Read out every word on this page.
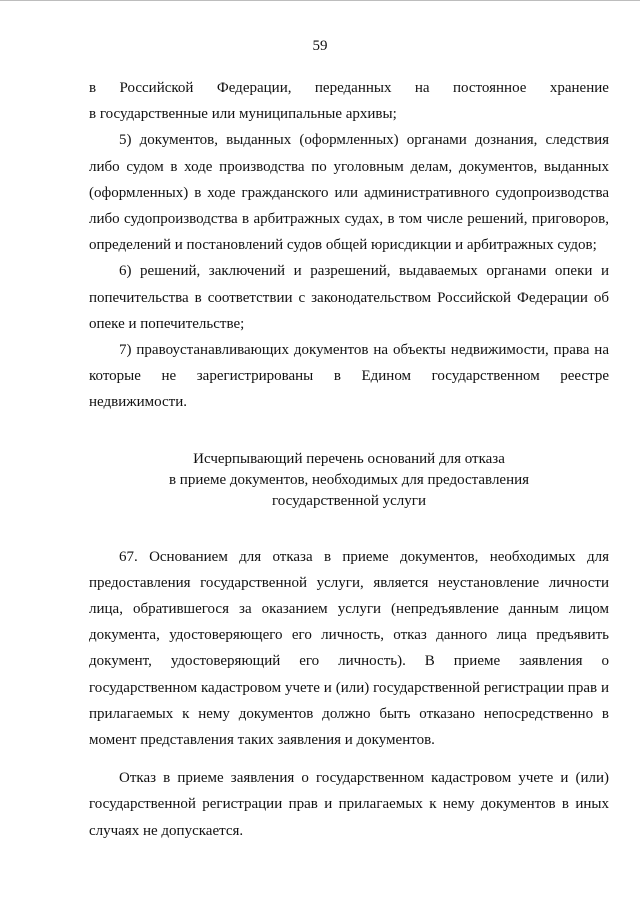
59
в Российской Федерации, переданных на постоянное хранение

в государственные или муниципальные архивы;

5) документов, выданных (оформленных) органами дознания, следствия либо судом в ходе производства по уголовным делам, документов, выданных (оформленных) в ходе гражданского или административного судопроизводства либо судопроизводства в арбитражных судах, в том числе решений, приговоров, определений и постановлений судов общей юрисдикции и арбитражных судов;

6) решений, заключений и разрешений, выдаваемых органами опеки и попечительства в соответствии с законодательством Российской Федерации об опеке и попечительстве;

7) правоустанавливающих документов на объекты недвижимости, права на которые не зарегистрированы в Едином государственном реестре недвижимости.

Исчерпывающий перечень оснований для отказа
в приеме документов, необходимых для предоставления
государственной услуги

67. Основанием для отказа в приеме документов, необходимых для предоставления государственной услуги, является неустановление личности лица, обратившегося за оказанием услуги (непредъявление данным лицом документа, удостоверяющего его личность, отказ данного лица предъявить документ, удостоверяющий его личность). В приеме заявления о государственном кадастровом учете и (или) государственной регистрации прав и прилагаемых к нему документов должно быть отказано непосредственно в момент представления таких заявления и документов.

Отказ в приеме заявления о государственном кадастровом учете и (или) государственной регистрации прав и прилагаемых к нему документов в иных случаях не допускается.
